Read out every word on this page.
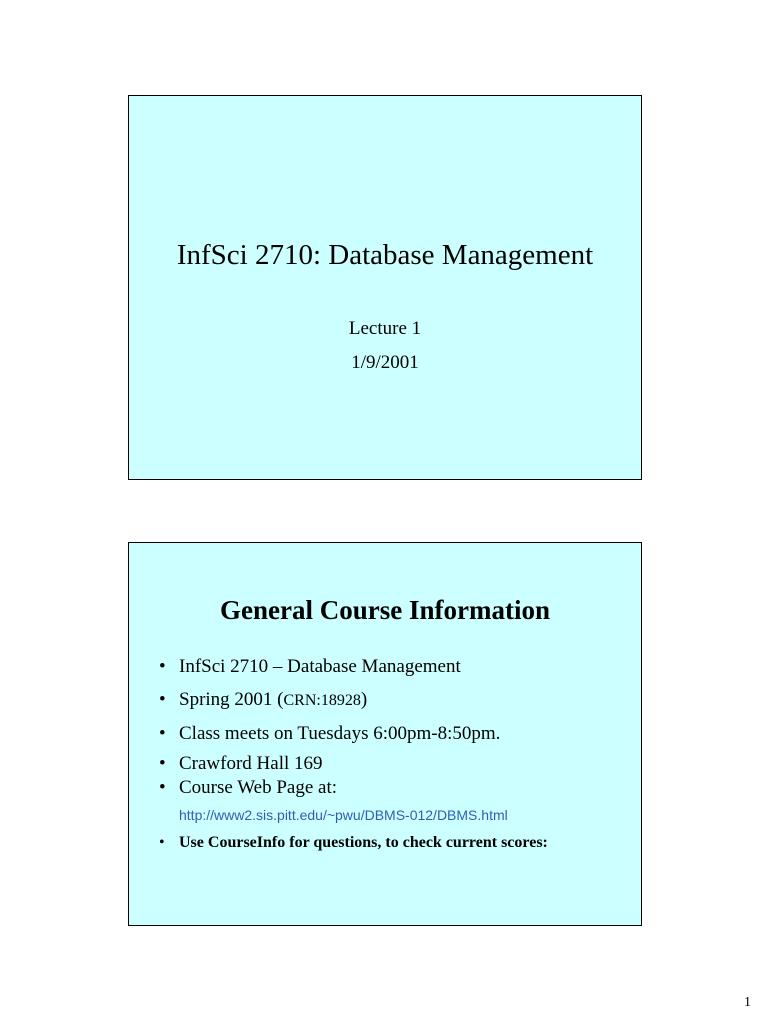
InfSci 2710: Database Management
Lecture 1
1/9/2001
General Course Information
• InfSci 2710 – Database Management
• Spring 2001 (CRN:18928)
• Class meets on Tuesdays 6:00pm-8:50pm.
• Crawford Hall 169
• Course Web Page at:
http://www2.sis.pitt.edu/~pwu/DBMS-012/DBMS.html
• Use CourseInfo for questions, to check current scores:
1
